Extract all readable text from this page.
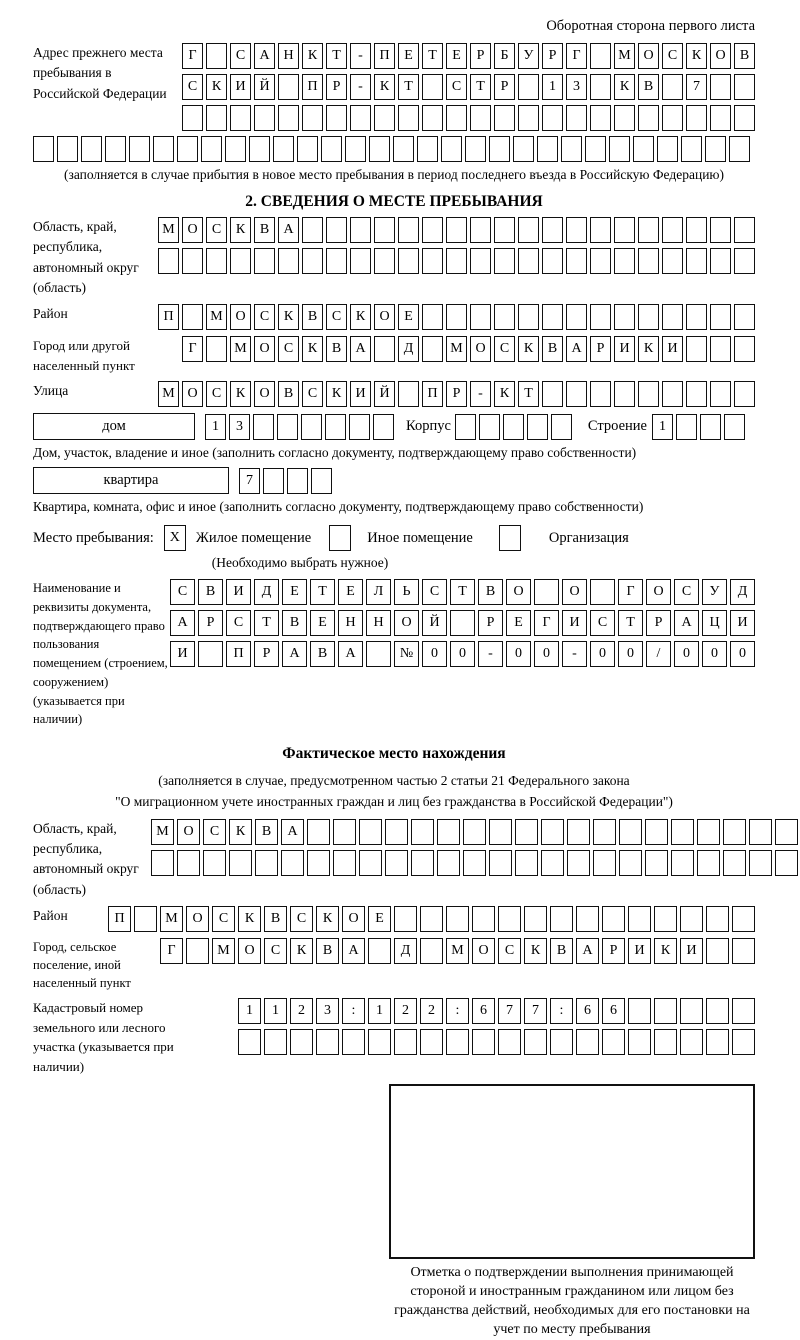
Оборотная сторона первого листа
Адрес прежнего места пребывания в Российской Федерации
Г	С	А Н	К	Т	-	П	Е	Т	Е	Р	Б	У	Р	Г	М О	С	К	О	В
С	К	И Й	П	Р	-	К	Т	С	Т	Р	1	3	К	В	7
(заполняется в случае прибытия в новое место пребывания в период последнего въезда в Российскую Федерацию)
2. СВЕДЕНИЯ О МЕСТЕ ПРЕБЫВАНИЯ
Область, край, республика, автономный округ (область)
М О	С	К	В	А
Район	П	М О	С	К	В	С	К	О	Е
Город или другой населенный пункт
Г	М О	С	К	В	А	Д	М О	С	К	В	А	Р	И	К	И
Улица	М О	С	К	О	В	С	К	И Й	П	Р	-	К	Т
дом	1	3	Корпус	Строение 1
Дом, участок, владение и иное (заполнить согласно документу, подтверждающему право собственности)
квартира	7
Квартира, комната, офис и иное (заполнить согласно документу, подтверждающему право собственности)
Место пребывания:	X	Жилое помещение	Иное помещение	Организация
(Необходимо выбрать нужное)
Наименование и реквизиты документа, подтверждающего право пользования помещением (строением, сооружением) (указывается при наличии)
С	В	И	Д	Е	Т	Е	Л	Ь	С	Т	В	О	О	Г	О	С	У	Д
А	Р	С	Т	В	Е	Н	Н	О	Й	Р	Е	Г	И	С	Т	Р	А	Ц	И
И	П	Р	А	В	А	№	0	0	-	0	0	-	0	0	/	0	0	0
Фактическое место нахождения
(заполняется в случае, предусмотренном частью 2 статьи 21 Федерального закона
"О миграционном учете иностранных граждан и лиц без гражданства в Российской Федерации")
Область, край, республика, автономный округ (область)
М	О	С	К	В	А
Район	П	М	О	С	К	В	С	К	О	Е
Город, сельское поселение, иной населенный пункт
Г	М	О	С	К	В	А	Д	М	О	С	К	В	А	Р	И	К	И
Кадастровый номер земельного или лесного участка (указывается при наличии)
1	1	2	3	:	1	2	2	:	6	7	7	:	6	6
Отметка о подтверждении выполнения принимающей стороной и иностранным гражданином или лицом без гражданства действий, необходимых для его постановки на учет по месту пребывания
